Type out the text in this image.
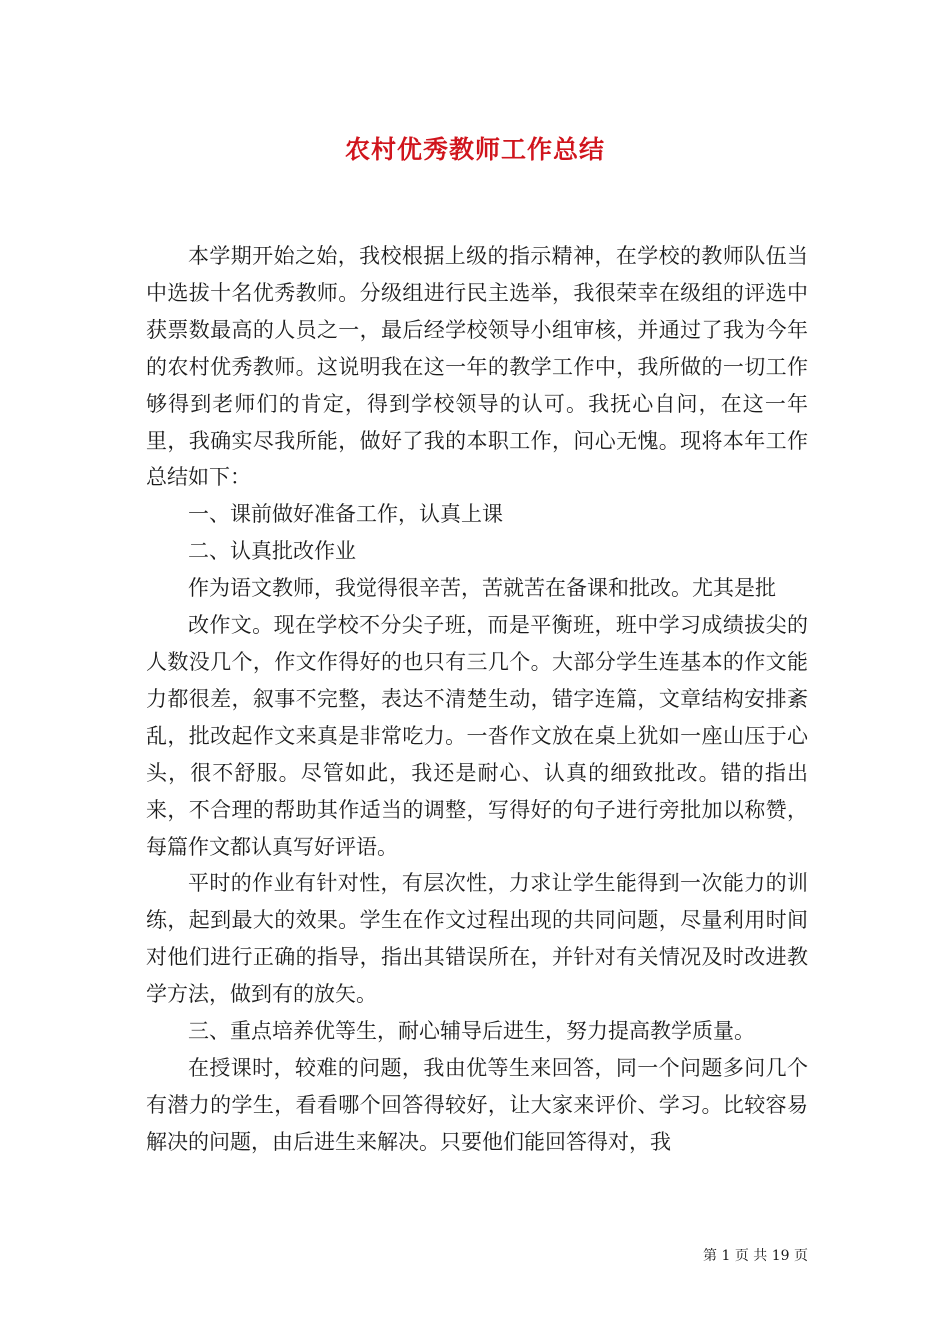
农村优秀教师工作总结

本学期开始之始，我校根据上级的指示精神，在学校的教师队伍当中选拔十名优秀教师。分级组进行民主选举，我很荣幸在级组的评选中获票数最高的人员之一，最后经学校领导小组审核，并通过了我为今年的农村优秀教师。这说明我在这一年的教学工作中，我所做的一切工作够得到老师们的肯定，得到学校领导的认可。我抚心自问，在这一年里，我确实尽我所能，做好了我的本职工作，问心无愧。现将本年工作总结如下：

一、课前做好准备工作，认真上课

二、认真批改作业

作为语文教师，我觉得很辛苦，苦就苦在备课和批改。尤其是批

改作文。现在学校不分尖子班，而是平衡班，班中学习成绩拔尖的人数没几个，作文作得好的也只有三几个。大部分学生连基本的作文能力都很差，叙事不完整，表达不清楚生动，错字连篇，文章结构安排紊乱，批改起作文来真是非常吃力。一沓作文放在桌上犹如一座山压于心头，很不舒服。尽管如此，我还是耐心、认真的细致批改。错的指出来，不合理的帮助其作适当的调整，写得好的句子进行旁批加以称赞，每篇作文都认真写好评语。

平时的作业有针对性，有层次性，力求让学生能得到一次能力的训练，起到最大的效果。学生在作文过程出现的共同问题，尽量利用时间对他们进行正确的指导，指出其错误所在，并针对有关情况及时改进教学方法，做到有的放矢。

三、重点培养优等生，耐心辅导后进生，努力提高教学质量。

在授课时，较难的问题，我由优等生来回答，同一个问题多问几个有潜力的学生，看看哪个回答得较好，让大家来评价、学习。比较容易解决的问题，由后进生来解决。只要他们能回答得对，我

第 1 页 共 19 页
